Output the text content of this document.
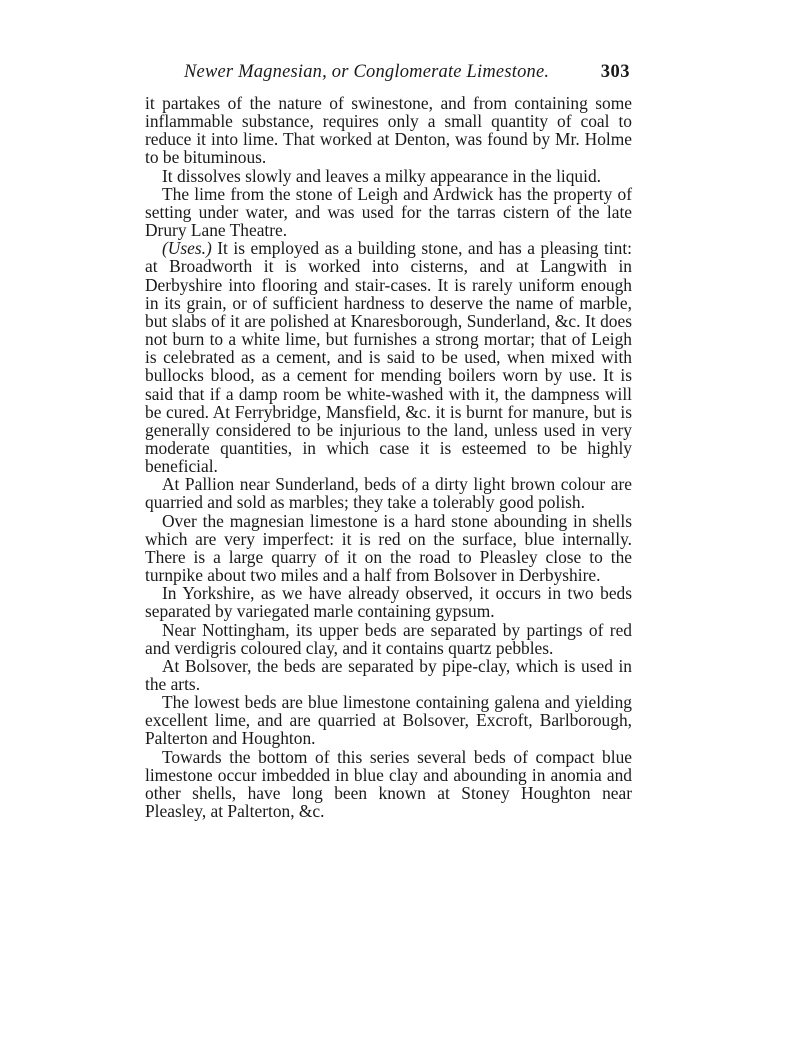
Newer Magnesian, or Conglomerate Limestone.	303

it partakes of the nature of swinestone, and from containing some inflammable substance, requires only a small quantity of coal to reduce it into lime. That worked at Denton, was found by Mr. Holme to be bituminous.

It dissolves slowly and leaves a milky appearance in the liquid.

The lime from the stone of Leigh and Ardwick has the property of setting under water, and was used for the tarras cistern of the late Drury Lane Theatre.

(Uses.) It is employed as a building stone, and has a pleasing tint: at Broadworth it is worked into cisterns, and at Langwith in Derbyshire into flooring and stair-cases. It is rarely uniform enough in its grain, or of sufficient hardness to deserve the name of marble, but slabs of it are polished at Knaresborough, Sunderland, &c. It does not burn to a white lime, but furnishes a strong mortar; that of Leigh is celebrated as a cement, and is said to be used, when mixed with bullocks blood, as a cement for mending boilers worn by use. It is said that if a damp room be white-washed with it, the dampness will be cured. At Ferrybridge, Mansfield, &c. it is burnt for manure, but is generally considered to be injurious to the land, unless used in very moderate quantities, in which case it is esteemed to be highly beneficial.

At Pallion near Sunderland, beds of a dirty light brown colour are quarried and sold as marbles; they take a tolerably good polish.

Over the magnesian limestone is a hard stone abounding in shells which are very imperfect: it is red on the surface, blue internally. There is a large quarry of it on the road to Pleasley close to the turnpike about two miles and a half from Bolsover in Derbyshire.

In Yorkshire, as we have already observed, it occurs in two beds separated by variegated marle containing gypsum.

Near Nottingham, its upper beds are separated by partings of red and verdigris coloured clay, and it contains quartz pebbles.

At Bolsover, the beds are separated by pipe-clay, which is used in the arts.

The lowest beds are blue limestone containing galena and yielding excellent lime, and are quarried at Bolsover, Excroft, Barlborough, Palterton and Houghton.

Towards the bottom of this series several beds of compact blue limestone occur imbedded in blue clay and abounding in anomia and other shells, have long been known at Stoney Houghton near Pleasley, at Palterton, &c.
